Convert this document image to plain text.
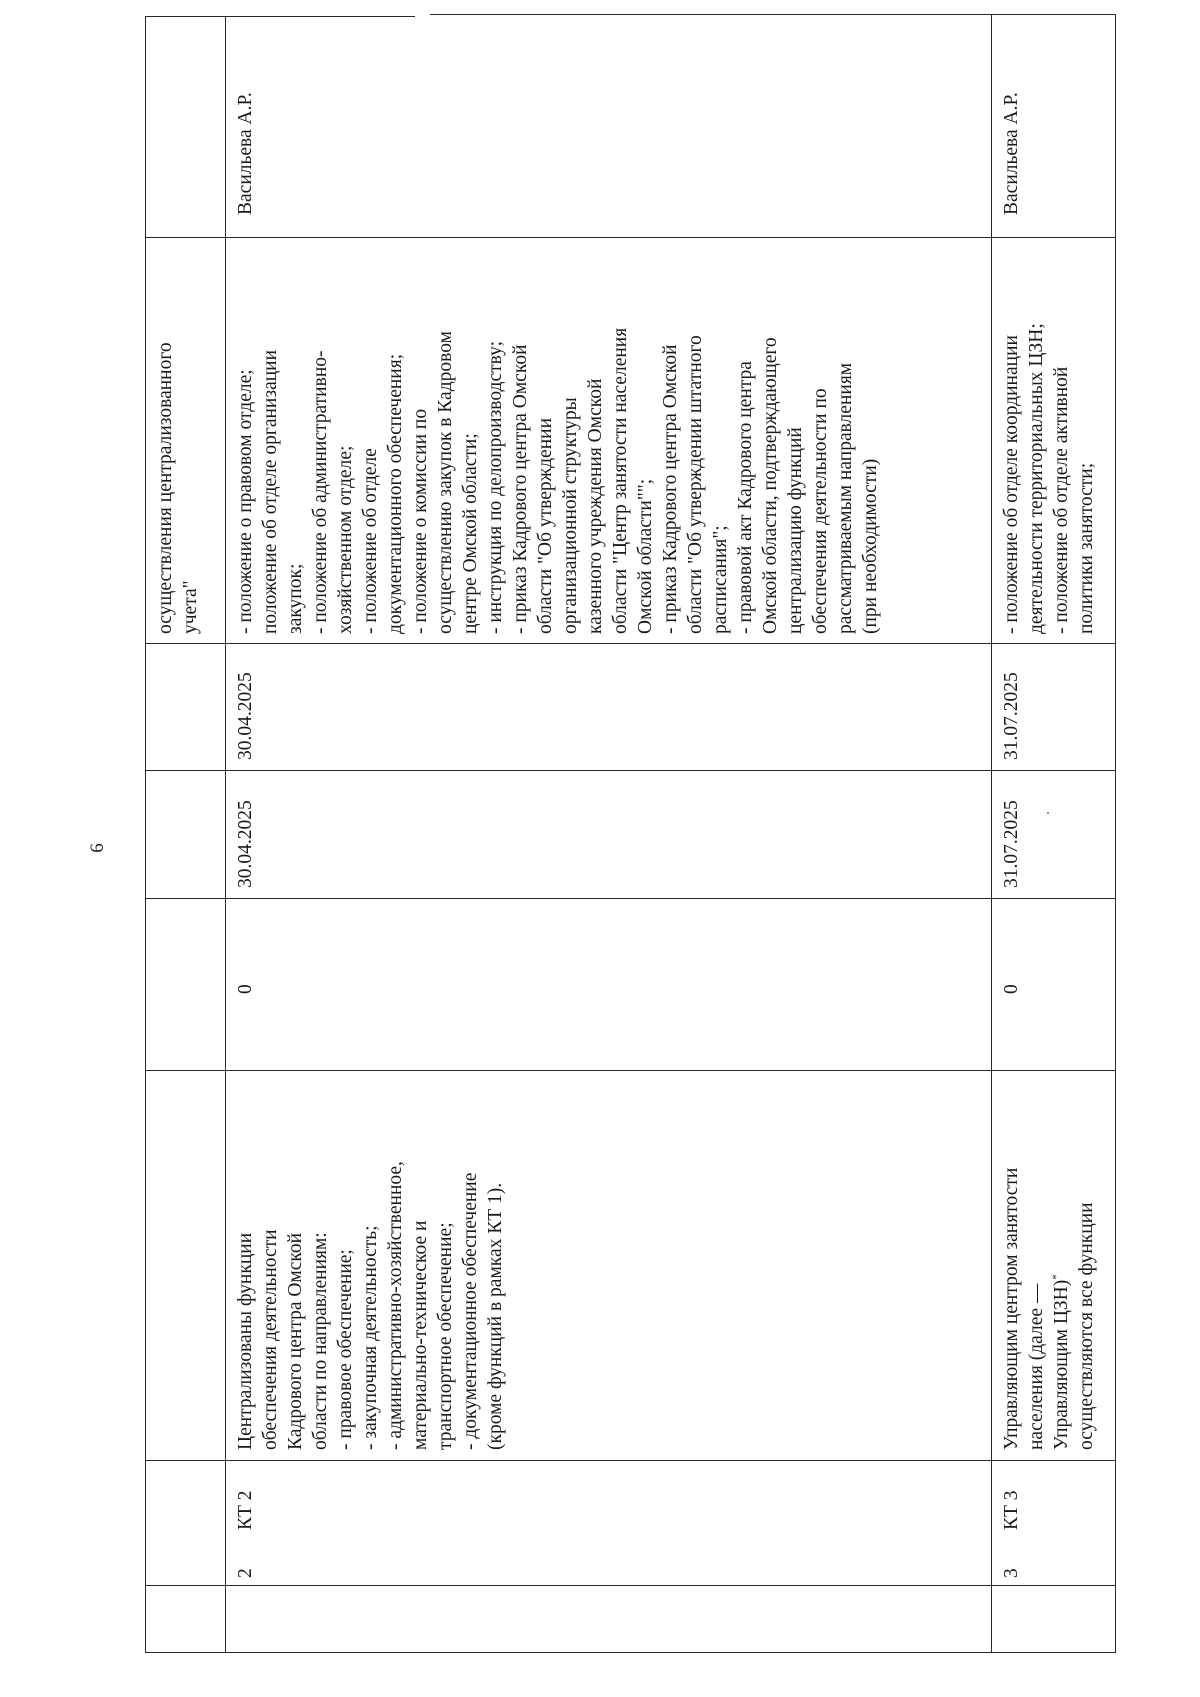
6
осуществления централизованного учета"
2
КТ 2
Централизованы функции обеспечения деятельности Кадрового центра Омской области по направлениям: - правовое обеспечение; - закупочная деятельность; - административно-хозяйственное, материально-техническое и транспортное обеспечение; - документационное обеспечение (кроме функций в рамках КТ 1).
0
30.04.2025
30.04.2025
- положение о правовом отделе; положение об отделе организации закупок; - положение об административно- хозяйственном отделе; - положение об отделе документационного обеспечения; - положение о комиссии по осуществлению закупок в Кадровом центре Омской области; - инструкция по делопроизводству; - приказ Кадрового центра Омской области "Об утверждении организационной структуры казенного учреждения Омской области "Центр занятости населения Омской области""; - приказ Кадрового центра Омской области "Об утверждении штатного расписания"; - правовой акт Кадрового центра Омской области, подтверждающего централизацию функций обеспечения деятельности по рассматриваемым направлениям (при необходимости)
Васильева А.Р.
3
КТ 3
Управляющим центром занятости населения (далее — Управляющим ЦЗН)* осуществляются все функции
0
31.07.2025
31.07.2025
- положение об отделе координации деятельности территориальных ЦЗН; - положение об отделе активной политики занятости;
Васильева А.Р.
